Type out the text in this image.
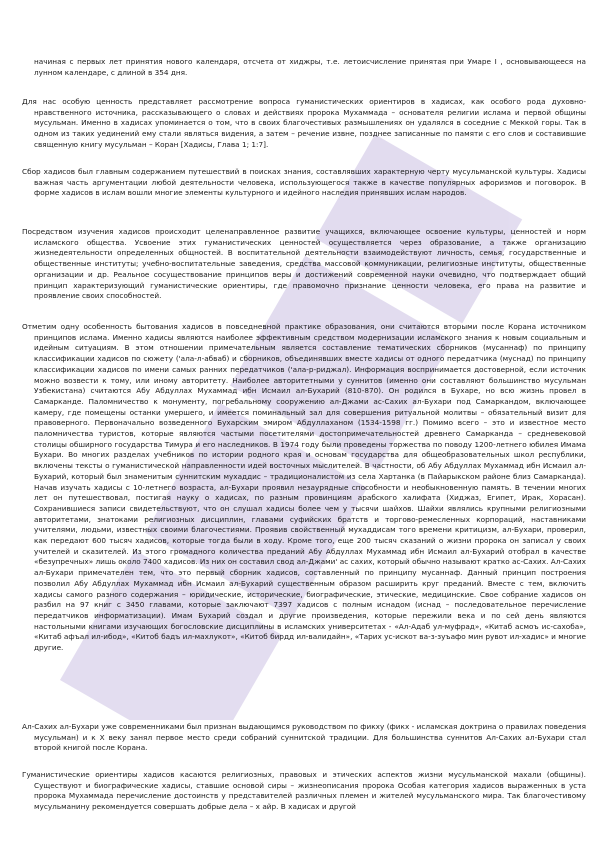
начиная с первых лет принятия нового календаря, отсчета от хиджры, т.е. летоисчисление принятая при Умаре I , основывающееся на лунном календаре, с длиной в 354 дня.

Для нас особую ценность представляет рассмотрение вопроса гуманистических ориентиров в хадисах, как особого рода духовно-нравственного источника, рассказывающего о словах и действиях пророка Мухаммада – основателя религии ислама и первой общины мусульман. Именно в хадисах упоминается о том, что в своих благочестивых размышлениях он удалялся в соседние с Меккой горы. Так в одном из таких уединений ему стали являться видения, а затем – речение извне, позднее записанные по памяти с его слов и составившие священную книгу мусульман – Коран [Хадисы, Глава 1; 1:7].

Сбор хадисов был главным содержанием путешествий в поисках знания, составлявших характерную черту мусульманской культуры. Хадисы важная часть аргументации любой деятельности человека, использующегося также в качестве популярных афоризмов и поговорок. В форме хадисов в ислам вошли многие элементы культурного и идейного наследия принявших ислам народов.

Посредством изучения хадисов происходит целенаправленное развитие учащихся, включающее освоение культуры, ценностей и норм исламского общества. Усвоение этих гуманистических ценностей осуществляется через образование, а также организацию жизнедеятельности определенных общностей. В воспитательной деятельности взаимодействуют личность, семья, государственные и общественные институты; учебно-воспитательные заведения, средства массовой коммуникации, религиозные институты, общественные организации и др. Реальное сосуществование принципов веры и достижений современной науки очевидно, что подтверждает общий принцип характеризующий гуманистические ориентиры, где правомочно признание ценности человека, его права на развитие и проявление своих способностей.

Отметим одну особенность бытования хадисов в повседневной практике образования, они считаются вторыми после Корана источником принципов ислама. Именно хадисы являются наиболее эффективным средством модернизации исламского знания к новым социальным и идейным ситуациям. В этом отношении примечательным является составление тематических сборников (мусаннаф) по принципу классификации хадисов по сюжету ('ала-л-абваб) и сборников, объединявших вместе хадисы от одного передатчика (муснад) по принципу классификации хадисов по имени самых ранних передатчиков ('ала-р-риджал). Информация воспринимается достоверной, если источник можно возвести к тому, или иному авторитету. Наиболее авторитетными у суннитов (именно они составляют большинство мусульман Узбекистана) считаются Абу Абдуллах Мухаммад ибн Исмаил ал-Бухарий (810-870). Он родился в Бухаре, но всю жизнь провел в Самарканде. Паломничество к монументу, погребальному сооружению ал-Джами ас-Сахих ал-Бухари под Самаркандом, включающее камеру, где помещены останки умершего, и имеется поминальный зал для совершения ритуальной молитвы – обязательный визит для правоверного. Первоначально возведенного Бухарским эмиром Абдуллаханом (1534-1598 гг.) Помимо всего – это и известное место паломничества туристов, которые являются частыми посетителями достопримечательностей древнего Самарканда – средневековой столицы обширного государства Тимура и его наследников. В 1974 году были проведены торжества по поводу 1200-летнего юбилея Имама Бухари. Во многих разделах учебников по истории родного края и основам государства для общеобразовательных школ республики, включены тексты о гуманистической направленности идей восточных мыслителей. В частности, об Абу Абдуллах Мухаммад ибн Исмаил ал-Бухарий, который был знаменитым суннитским мухаддис – традиционалистом из села Хартанка (в Пайарыкском районе близ Самарканда). Начав изучать хадисы с 10-летнего возраста, ал-Бухари проявил незаурядные способности и необыкновенную память. В течении многих лет он путешествовал, постигая науку о хадисах, по разным провинциям арабского халифата (Хиджаз, Египет, Ирак, Хорасан). Сохранившиеся записи свидетельствуют, что он слушал хадисы более чем у тысячи шайхов. Шайхи являлись крупными религиозными авторитетами, знатоками религиозных дисциплин, главами суфийских братств и торгово-ремесленных корпораций, наставниками учителями, людьми, известных своими благочестиями. Проявив свойственный мухаддисам того времени критицизм, ал-Бухари, проверил, как передают 600 тысяч хадисов, которые тогда были в ходу. Кроме того, еще 200 тысяч сказаний о жизни пророка он записал у своих учителей и сказителей. Из этого громадного количества преданий Абу Абдуллах Мухаммад ибн Исмаил ал-Бухарий отобрал в качестве «безупречных» лишь около 7400 хадисов. Из них он составил свод ал-Джами' ас сахих, который обычно называют кратко ас-Сахих. Ал-Сахих ал-Бухари примечателен тем, что это первый сборник хадисов, составленный по принципу мусаннаф. Данный принцип построения позволил Абу Абдуллах Мухаммад ибн Исмаил ал-Бухарий существенным образом расширить круг преданий. Вместе с тем, включить хадисы самого разного содержания – юридические, исторические, биографические, этические, медицинские. Свое собрание хадисов он разбил на 97 книг с 3450 главами, которые заключают 7397 хадисов с полным иснадом (иснад – последовательное перечисление передатчиков информатизации). Имам Бухарий создал и другие произведения, которые пережили века и по сей день являются настольными книгами изучающих богословские дисциплины в исламских университетах - «Ал-Адаб ул-муфрад», «Китаб асмоъ ис-сахоба», «Китаб афъал ил-ибод», «Китоб бадъ ил-махлукот», «Китоб бирдд ил-валидайн», «Тарих ус-искот ва-з-зуъафо мин рувот ил-хадис» и многие другие.

Ал-Сахих ал-Бухари уже современниками был признан выдающимся руководством по фикху (фикх - исламская доктрина о правилах поведения мусульман) и к X веку занял первое место среди собраний суннитской традиции. Для большинства суннитов Ал-Сахих ал-Бухари стал второй книгой после Корана.

Гуманистические ориентиры хадисов касаются религиозных, правовых и этических аспектов жизни мусульманской махали (общины). Существуют и биографические хадисы, ставшие основой сиры – жизнеописания пророка Особая категория хадисов выраженных в уста пророка Мухаммада перечисление достоинств у представителей различных племен и жителей мусульманского мира. Так благочестивому мусульманину рекомендуется совершать добрые дела – х айр. В хадисах и другой
